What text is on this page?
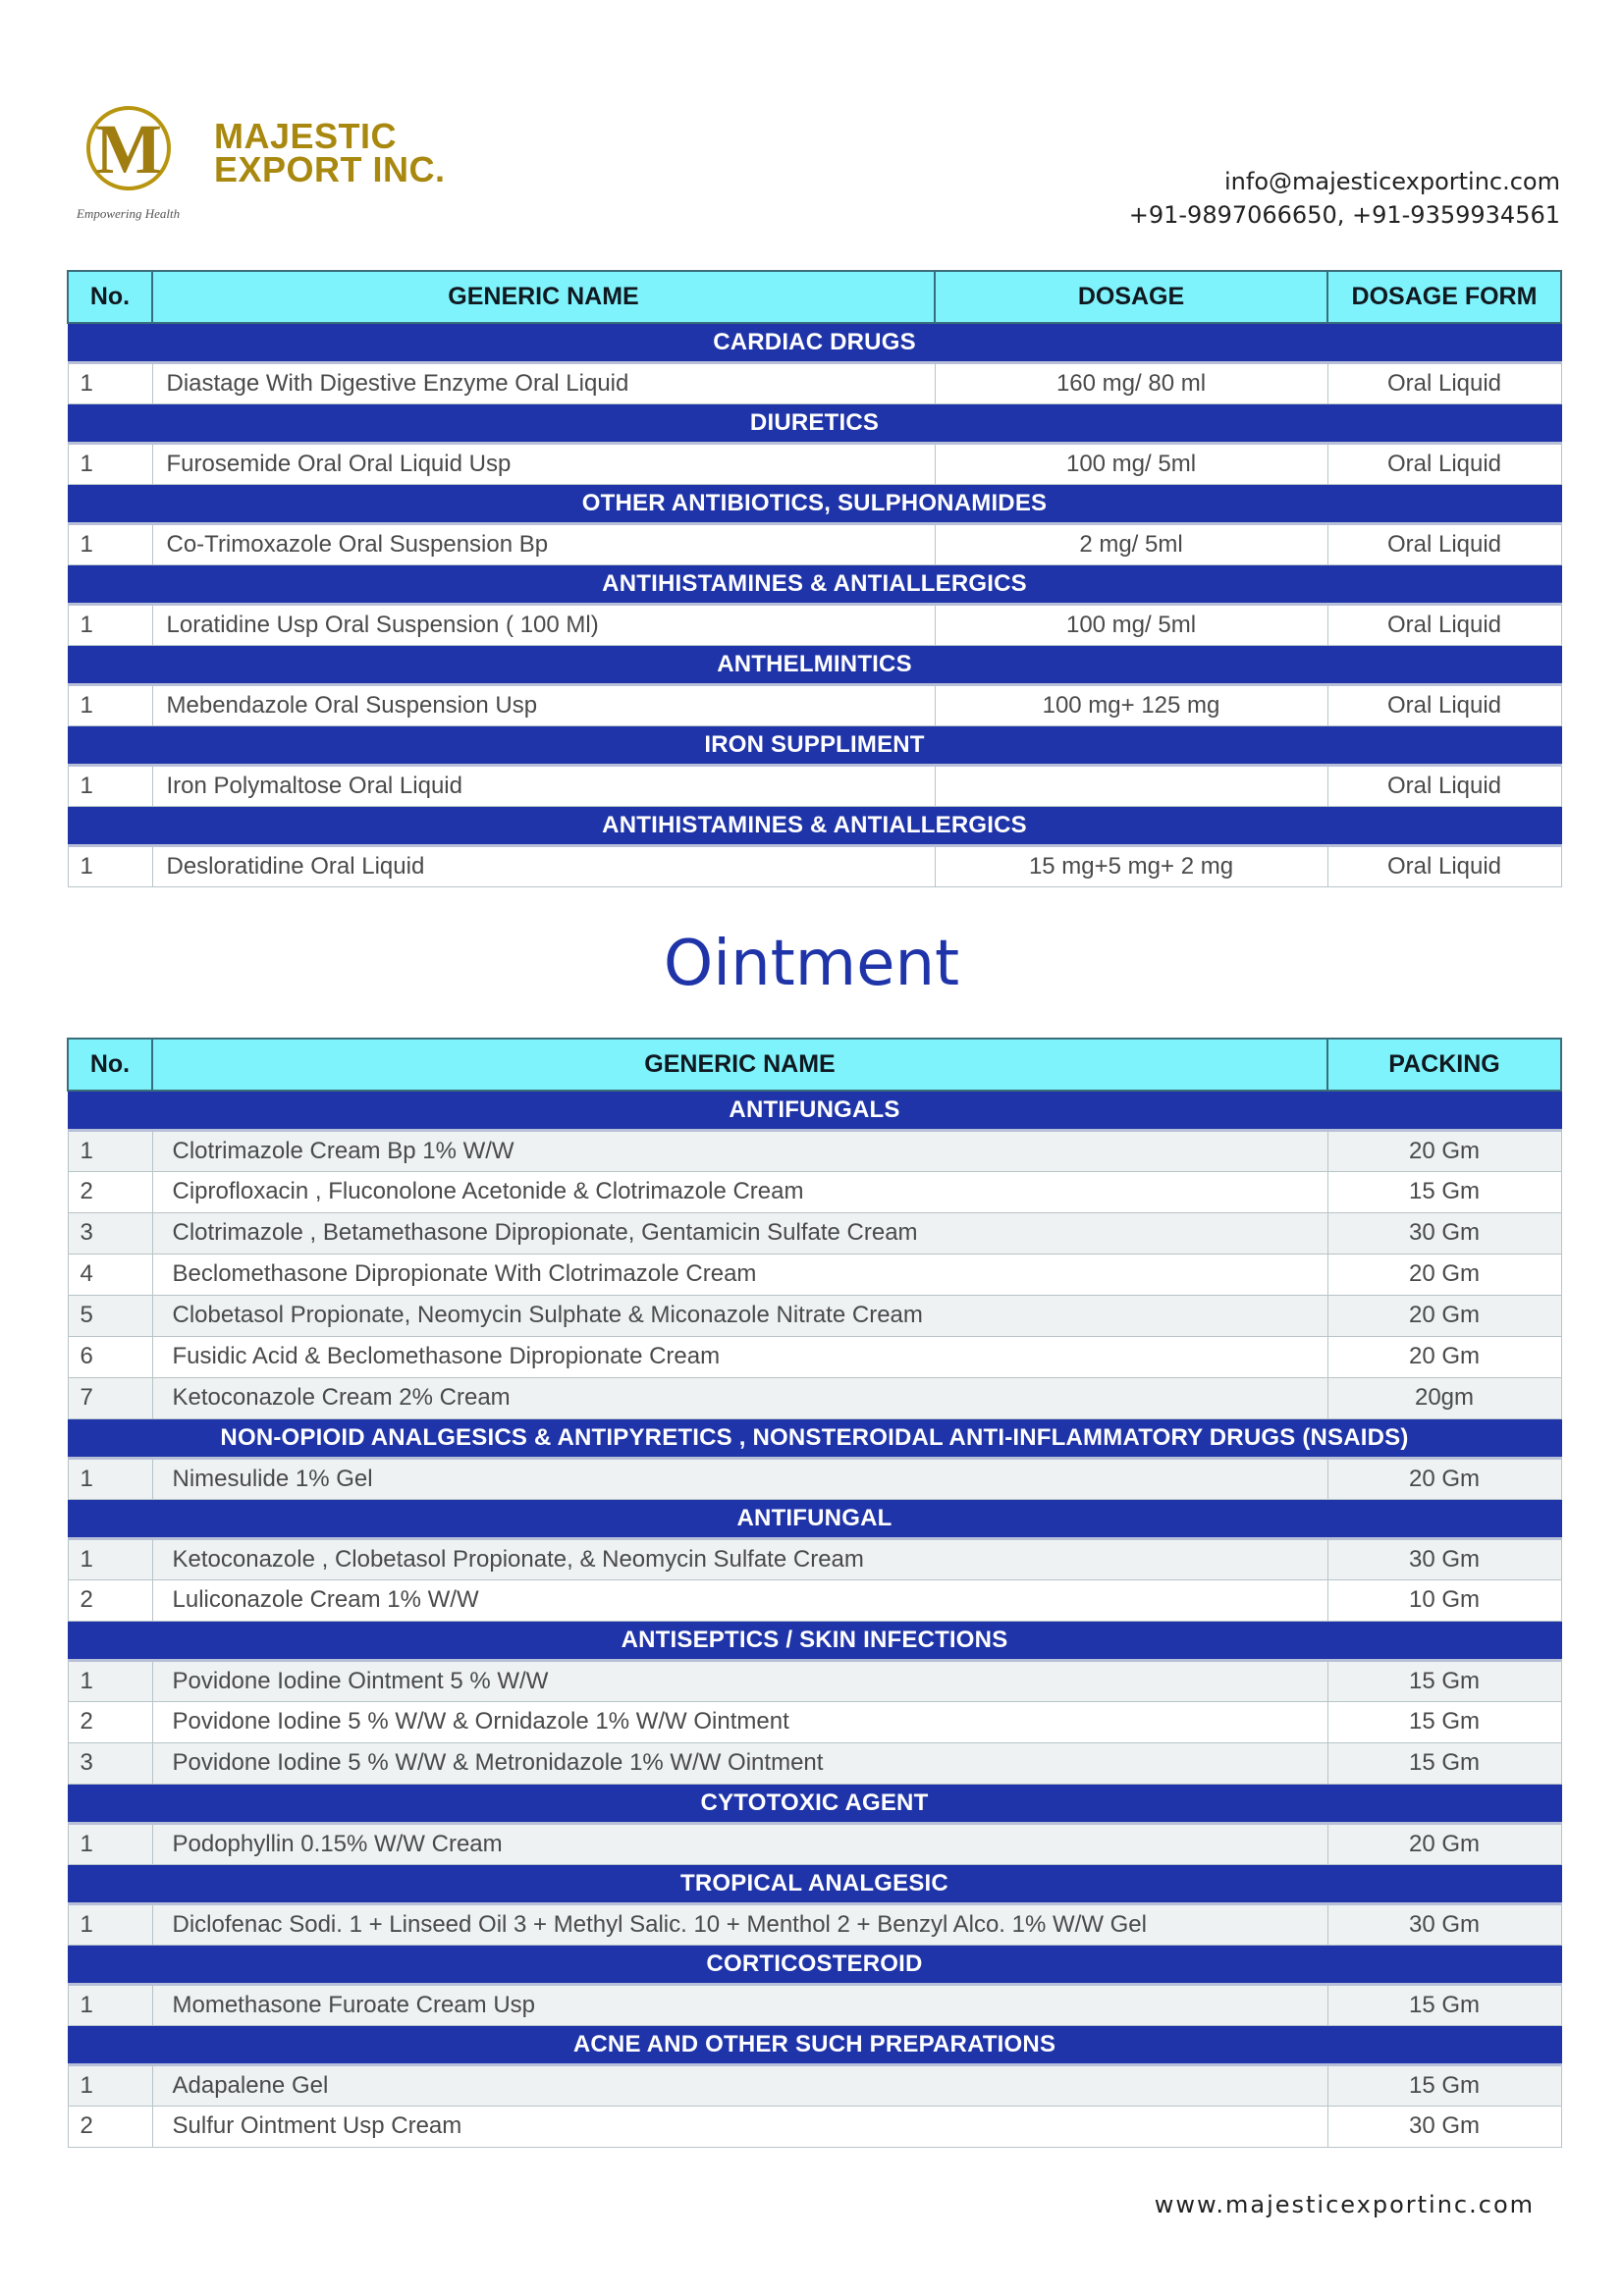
M MAJESTIC
EXPORT INC.
Empowering Health
info@majesticexportinc.com
+91-9897066650, +91-9359934561
No.	GENERIC NAME	DOSAGE	DOSAGE FORM
CARDIAC DRUGS			
1	Diastage With Digestive Enzyme Oral Liquid	160 mg/ 80 ml	Oral Liquid
DIURETICS			
1	Furosemide Oral Oral Liquid Usp	100 mg/ 5ml	Oral Liquid
OTHER ANTIBIOTICS, SULPHONAMIDES			
1	Co-Trimoxazole Oral Suspension Bp	2 mg/ 5ml	Oral Liquid
ANTIHISTAMINES & ANTIALLERGICS			
1	Loratidine Usp Oral Suspension ( 100 Ml)	100 mg/ 5ml	Oral Liquid
ANTHELMINTICS			
1	Mebendazole Oral Suspension Usp	100 mg+ 125 mg	Oral Liquid
IRON SUPPLIMENT			
1	Iron Polymaltose Oral Liquid		Oral Liquid
ANTIHISTAMINES & ANTIALLERGICS			
1	Desloratidine Oral Liquid	15 mg+5 mg+ 2 mg	Oral Liquid
Ointment
No.	GENERIC NAME	PACKING
ANTIFUNGALS		
1	Clotrimazole Cream Bp 1% W/W	20 Gm
2	Ciprofloxacin , Fluconolone Acetonide & Clotrimazole Cream	15 Gm
3	Clotrimazole , Betamethasone Dipropionate, Gentamicin Sulfate Cream	30 Gm
4	Beclomethasone Dipropionate With Clotrimazole Cream	20 Gm
5	Clobetasol Propionate, Neomycin Sulphate & Miconazole Nitrate Cream	20 Gm
6	Fusidic Acid & Beclomethasone Dipropionate Cream	20 Gm
7	Ketoconazole Cream 2% Cream	20gm
NON-OPIOID ANALGESICS & ANTIPYRETICS , NONSTEROIDAL ANTI-INFLAMMATORY DRUGS (NSAIDS)		
1	Nimesulide 1% Gel	20 Gm
ANTIFUNGAL		
1	Ketoconazole , Clobetasol Propionate, & Neomycin Sulfate Cream	30 Gm
2	Luliconazole Cream 1% W/W	10 Gm
ANTISEPTICS / SKIN INFECTIONS		
1	Povidone Iodine Ointment 5 % W/W	15 Gm
2	Povidone Iodine 5 % W/W & Ornidazole 1% W/W Ointment	15 Gm
3	Povidone Iodine 5 % W/W & Metronidazole 1% W/W Ointment	15 Gm
CYTOTOXIC AGENT		
1	Podophyllin 0.15% W/W Cream	20 Gm
TROPICAL ANALGESIC		
1	Diclofenac Sodi. 1 + Linseed Oil 3 + Methyl Salic. 10 + Menthol 2 + Benzyl Alco. 1% W/W Gel	30 Gm
CORTICOSTEROID		
1	Momethasone Furoate Cream Usp	15 Gm
ACNE AND OTHER SUCH PREPARATIONS		
1	Adapalene Gel	15 Gm
2	Sulfur Ointment Usp Cream	30 Gm
www.majesticexportinc.com
